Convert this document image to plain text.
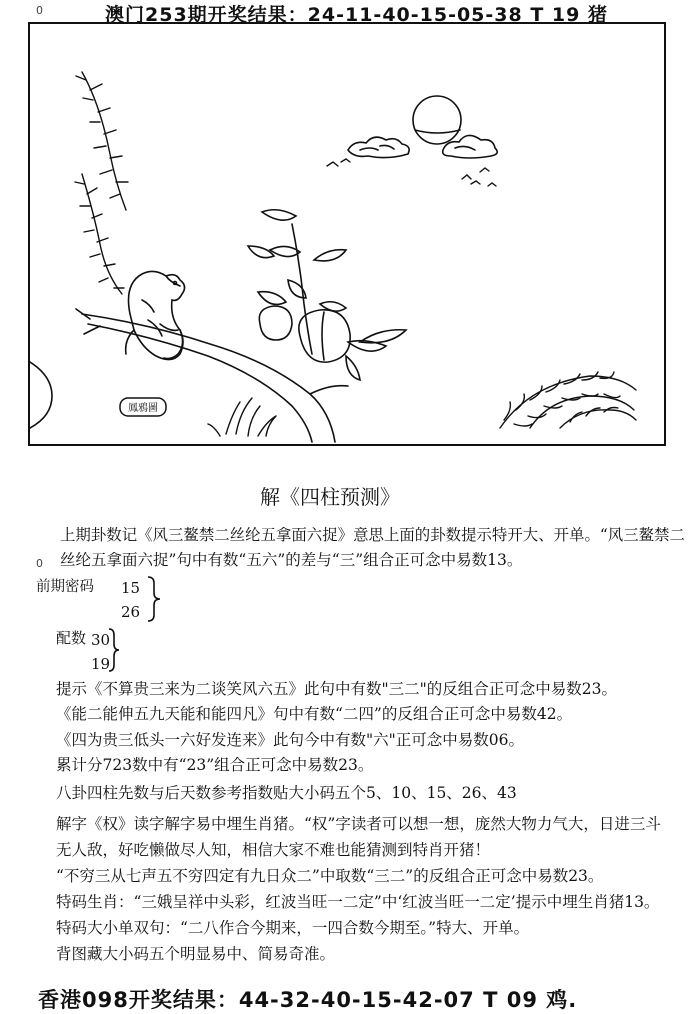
0
0
澳门253期开奖结果：24-11-40-15-05-38 T 19 猪
鳳鴉圖
解《四柱预测》
上期卦数记《风三鳌禁二丝纶五拿面六捉》意思上面的卦数提示特开大、开单。“风三鳌禁二
丝纶五拿面六捉”句中有数“五六”的差与“三”组合正可念中易数13。
前期密码 15
26
配数 30
19
提示《不算贵三来为二谈笑风六五》此句中有数"三二"的反组合正可念中易数23。
《能二能伸五九天能和能四凡》句中有数“二四”的反组合正可念中易数42。
《四为贵三低头一六好发连来》此句今中有数"六"正可念中易数06。
累计分723数中有“23”组合正可念中易数23。
八卦四柱先数与后天数参考指数贴大小码五个5、10、15、26、43
解字《权》读字解字易中埋生肖猪。“权”字读者可以想一想，庞然大物力气大，日进三斗
无人敌，好吃懒做尽人知，相信大家不难也能猜测到特肖开猪！
“不穷三从七声五不穷四定有九日众二”中取数“三二”的反组合正可念中易数23。
特码生肖：“三娥呈祥中头彩，红波当旺一二定”中‘红波当旺一二定’提示中埋生肖猪13。
特码大小单双句：“二八作合今期来，一四合数今期至。”特大、开单。
背图藏大小码五个明显易中、简易奇准。
香港098开奖结果：44-32-40-15-42-07 T 09 鸡.
